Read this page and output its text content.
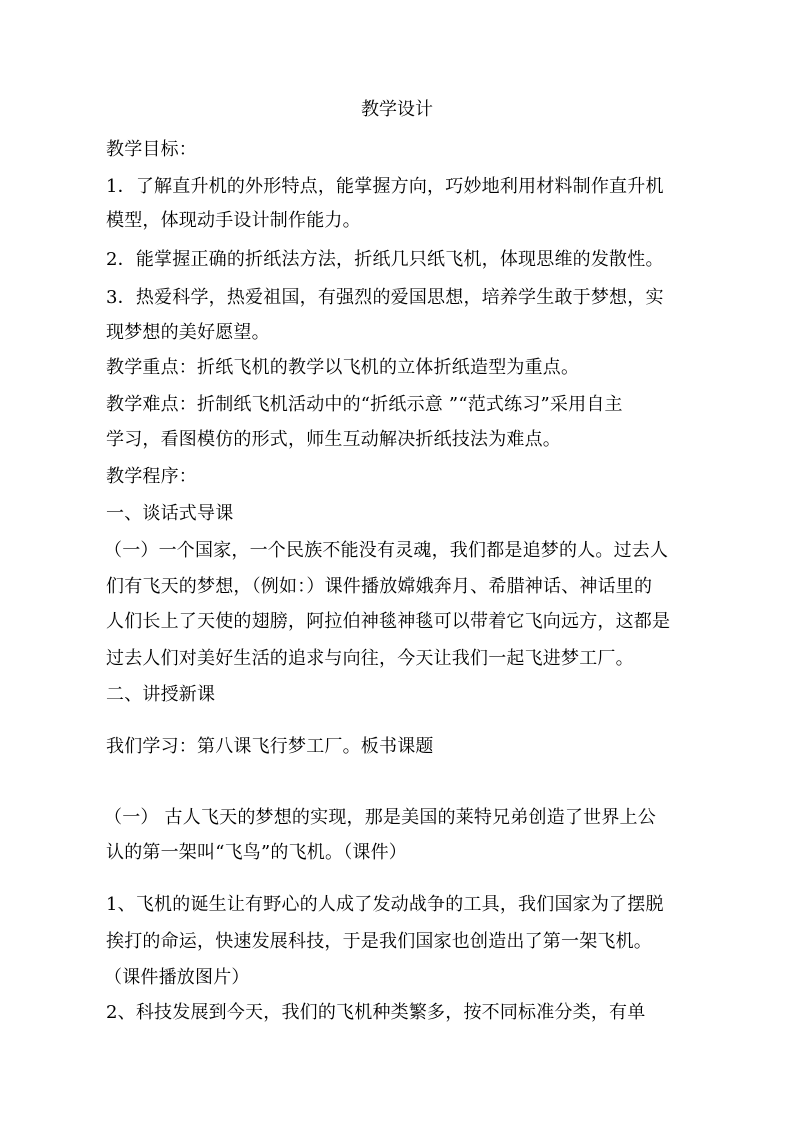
教学设计
教学目标：
1．了解直升机的外形特点，能掌握方向，巧妙地利用材料制作直升机
模型，体现动手设计制作能力。
2．能掌握正确的折纸法方法，折纸几只纸飞机，体现思维的发散性。
3．热爱科学，热爱祖国，有强烈的爱国思想，培养学生敢于梦想，实
现梦想的美好愿望。
教学重点：折纸飞机的教学以飞机的立体折纸造型为重点。
教学难点：折制纸飞机活动中的“折纸示意 ”“范式练习”采用自主
学习，看图模仿的形式，师生互动解决折纸技法为难点。
教学程序：
一、谈话式导课
（一）一个国家，一个民族不能没有灵魂，我们都是追梦的人。过去人
们有飞天的梦想，（例如：）课件播放嫦娥奔月、希腊神话、神话里的
人们长上了天使的翅膀，阿拉伯神毯神毯可以带着它飞向远方，这都是
过去人们对美好生活的追求与向往，今天让我们一起飞进梦工厂。
二、讲授新课
我们学习：第八课飞行梦工厂。板书课题
（一） 古人飞天的梦想的实现，那是美国的莱特兄弟创造了世界上公
认的第一架叫“飞鸟”的飞机。（课件）
1、飞机的诞生让有野心的人成了发动战争的工具，我们国家为了摆脱
挨打的命运，快速发展科技，于是我们国家也创造出了第一架飞机。
（课件播放图片）
2、科技发展到今天，我们的飞机种类繁多，按不同标准分类，有单
